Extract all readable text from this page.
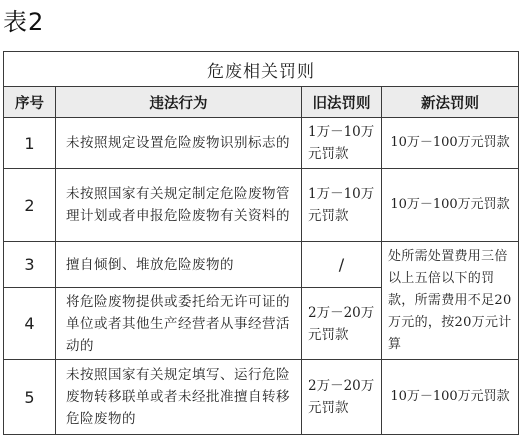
表2
危废相关罚则			
序号	违法行为	旧法罚则	新法罚则
1	未按照规定设置危险废物识别标志的	1万－10万元罚款	10万－100万元罚款
2	未按照国家有关规定制定危险废物管理计划或者申报危险废物有关资料的	1万－10万元罚款	10万－100万元罚款
3	擅自倾倒、堆放危险废物的	/	处所需处置费用三倍以上五倍以下的罚款，所需费用不足20万元的，按20万元计算
4	将危险废物提供或委托给无许可证的单位或者其他生产经营者从事经营活动的	2万－20万元罚款	
5	未按照国家有关规定填写、运行危险废物转移联单或者未经批准擅自转移危险废物的	2万－20万元罚款	10万－100万元罚款
